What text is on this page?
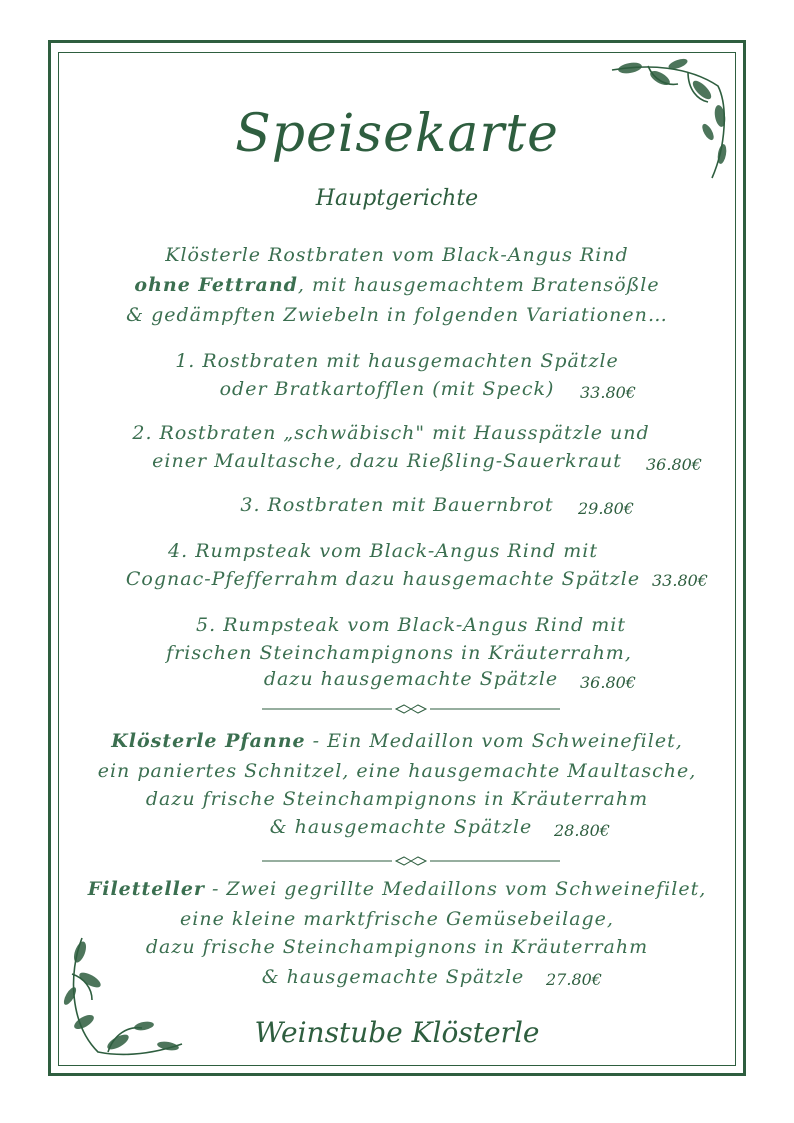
Speisekarte
Hauptgerichte
Klösterle Rostbraten vom Black-Angus Rind
ohne Fettrand, mit hausgemachtem Bratensößle
& gedämpften Zwiebeln in folgenden Variationen…
1. Rostbraten mit hausgemachten Spätzle
oder Bratkartofflen (mit Speck)	33.80€
2. Rostbraten „schwäbisch" mit Hausspätzle und
einer Maultasche, dazu Rießling-Sauerkraut	36.80€
3. Rostbraten mit Bauernbrot	29.80€
4. Rumpsteak vom Black-Angus Rind mit
Cognac-Pfefferrahm dazu hausgemachte Spätzle 33.80€
5. Rumpsteak vom Black-Angus Rind mit
frischen Steinchampignons in Kräuterrahm,
dazu hausgemachte Spätzle	36.80€
Klösterle Pfanne - Ein Medaillon vom Schweinefilet,
ein paniertes Schnitzel, eine hausgemachte Maultasche,
dazu frische Steinchampignons in Kräuterrahm
& hausgemachte Spätzle	28.80€
Filetteller - Zwei gegrillte Medaillons vom Schweinefilet,
eine kleine marktfrische Gemüsebeilage,
dazu frische Steinchampignons in Kräuterrahm
& hausgemachte Spätzle	27.80€
Weinstube Klösterle
